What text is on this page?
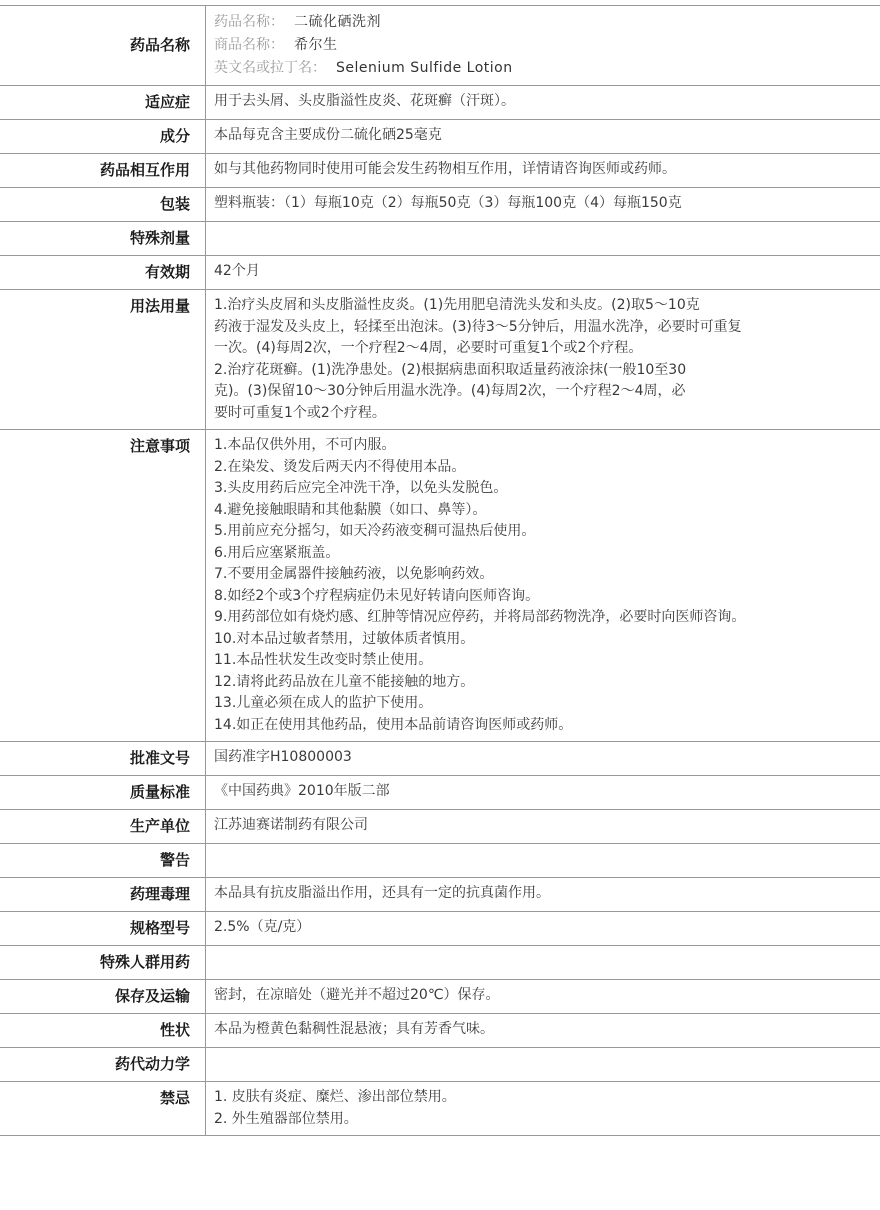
药品名称
药品名称： 二硫化硒洗剂
商品名称： 希尔生
英文名或拉丁名： Selenium Sulfide Lotion
适应症 用于去头屑、头皮脂溢性皮炎、花斑癣（汗斑）。
成分 本品每克含主要成份二硫化硒25毫克
药品相互作用 如与其他药物同时使用可能会发生药物相互作用，详情请咨询医师或药师。
包装 塑料瓶装：（1）每瓶10克（2）每瓶50克（3）每瓶100克（4）每瓶150克
特殊剂量
有效期 42个月
用法用量 1.治疗头皮屑和头皮脂溢性皮炎。(1)先用肥皂清洗头发和头皮。(2)取5～10克
药液于湿发及头皮上，轻揉至出泡沫。(3)待3～5分钟后，用温水洗净，必要时可重复
一次。(4)每周2次，一个疗程2～4周，必要时可重复1个或2个疗程。
2.治疗花斑癣。(1)洗净患处。(2)根据病患面积取适量药液涂抹(一般10至30
克)。(3)保留10～30分钟后用温水洗净。(4)每周2次，一个疗程2～4周，必
要时可重复1个或2个疗程。
注意事项 1.本品仅供外用，不可内服。
2.在染发、烫发后两天内不得使用本品。
3.头皮用药后应完全冲洗干净，以免头发脱色。
4.避免接触眼睛和其他黏膜（如口、鼻等）。
5.用前应充分摇匀，如天冷药液变稠可温热后使用。
6.用后应塞紧瓶盖。
7.不要用金属器件接触药液，以免影响药效。
8.如经2个或3个疗程病症仍未见好转请向医师咨询。
9.用药部位如有烧灼感、红肿等情况应停药，并将局部药物洗净，必要时向医师咨询。
10.对本品过敏者禁用，过敏体质者慎用。
11.本品性状发生改变时禁止使用。
12.请将此药品放在儿童不能接触的地方。
13.儿童必须在成人的监护下使用。
14.如正在使用其他药品，使用本品前请咨询医师或药师。
批准文号 国药准字H10800003
质量标准 《中国药典》2010年版二部
生产单位 江苏迪赛诺制药有限公司
警告
药理毒理 本品具有抗皮脂溢出作用，还具有一定的抗真菌作用。
规格型号 2.5%（克/克）
特殊人群用药
保存及运输 密封，在凉暗处（避光并不超过20℃）保存。
性状 本品为橙黄色黏稠性混悬液；具有芳香气味。
药代动力学
禁忌 1. 皮肤有炎症、糜烂、渗出部位禁用。
2. 外生殖器部位禁用。
